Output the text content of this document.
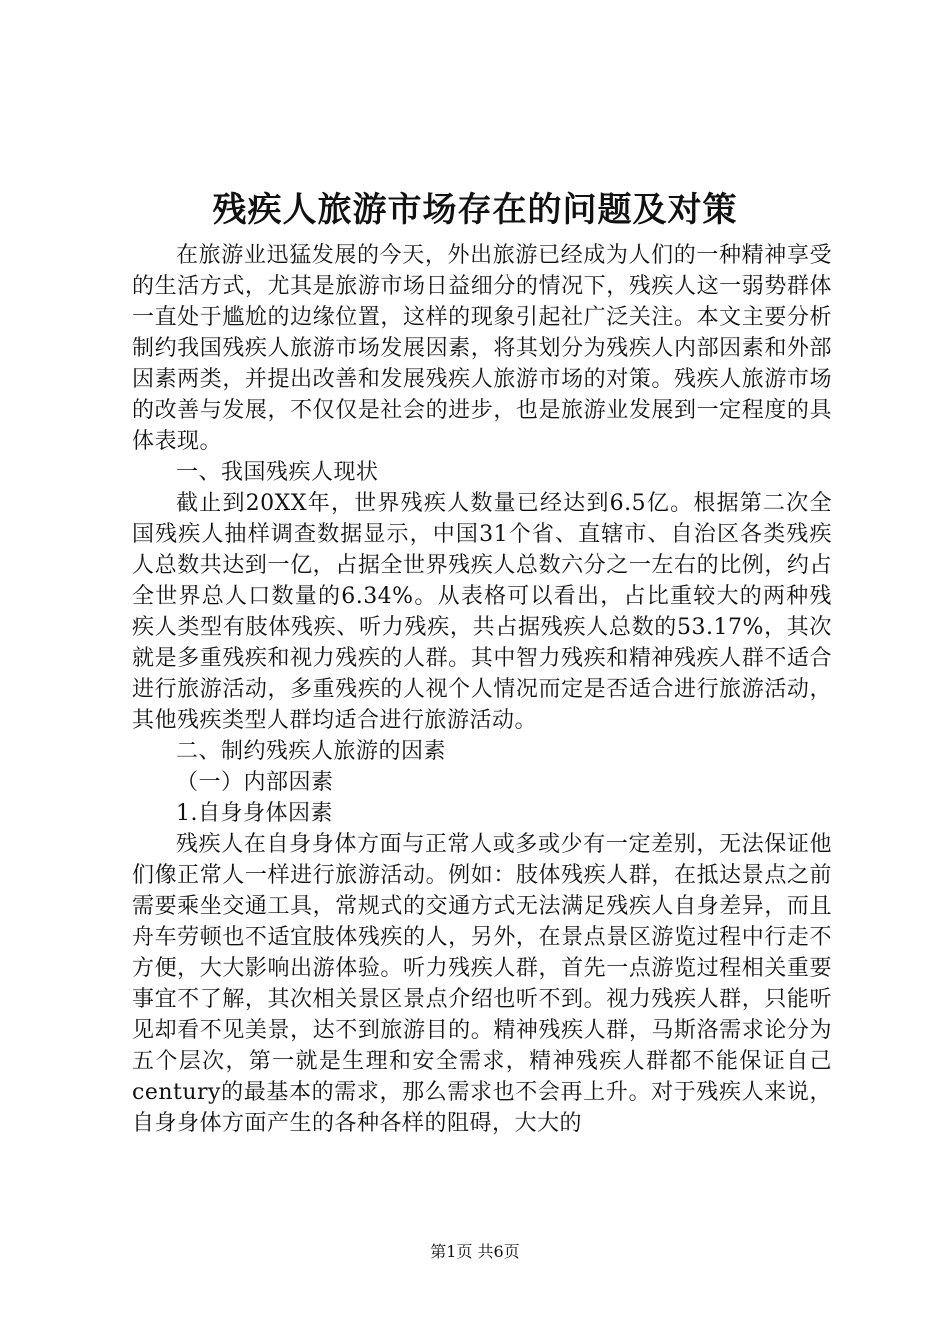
残疾人旅游市场存在的问题及对策

在旅游业迅猛发展的今天，外出旅游已经成为人们的一种精神享受的生活方式，尤其是旅游市场日益细分的情况下，残疾人这一弱势群体一直处于尴尬的边缘位置，这样的现象引起社广泛关注。本文主要分析制约我国残疾人旅游市场发展因素，将其划分为残疾人内部因素和外部因素两类，并提出改善和发展残疾人旅游市场的对策。残疾人旅游市场的改善与发展，不仅仅是社会的进步，也是旅游业发展到一定程度的具体表现。

一、我国残疾人现状

截止到20XX年，世界残疾人数量已经达到6.5亿。根据第二次全国残疾人抽样调查数据显示，中国31个省、直辖市、自治区各类残疾人总数共达到一亿，占据全世界残疾人总数六分之一左右的比例，约占全世界总人口数量的6.34%。从表格可以看出，占比重较大的两种残疾人类型有肢体残疾、听力残疾，共占据残疾人总数的53.17%，其次就是多重残疾和视力残疾的人群。其中智力残疾和精神残疾人群不适合进行旅游活动，多重残疾的人视个人情况而定是否适合进行旅游活动，其他残疾类型人群均适合进行旅游活动。

二、制约残疾人旅游的因素

（一）内部因素

1.自身身体因素

残疾人在自身身体方面与正常人或多或少有一定差别，无法保证他们像正常人一样进行旅游活动。例如：肢体残疾人群，在抵达景点之前需要乘坐交通工具，常规式的交通方式无法满足残疾人自身差异，而且舟车劳顿也不适宜肢体残疾的人，另外，在景点景区游览过程中行走不方便，大大影响出游体验。听力残疾人群，首先一点游览过程相关重要事宜不了解，其次相关景区景点介绍也听不到。视力残疾人群，只能听见却看不见美景，达不到旅游目的。精神残疾人群，马斯洛需求论分为五个层次，第一就是生理和安全需求，精神残疾人群都不能保证自己century的最基本的需求，那么需求也不会再上升。对于残疾人来说，自身身体方面产生的各种各样的阻碍，大大的

第1页 共6页
